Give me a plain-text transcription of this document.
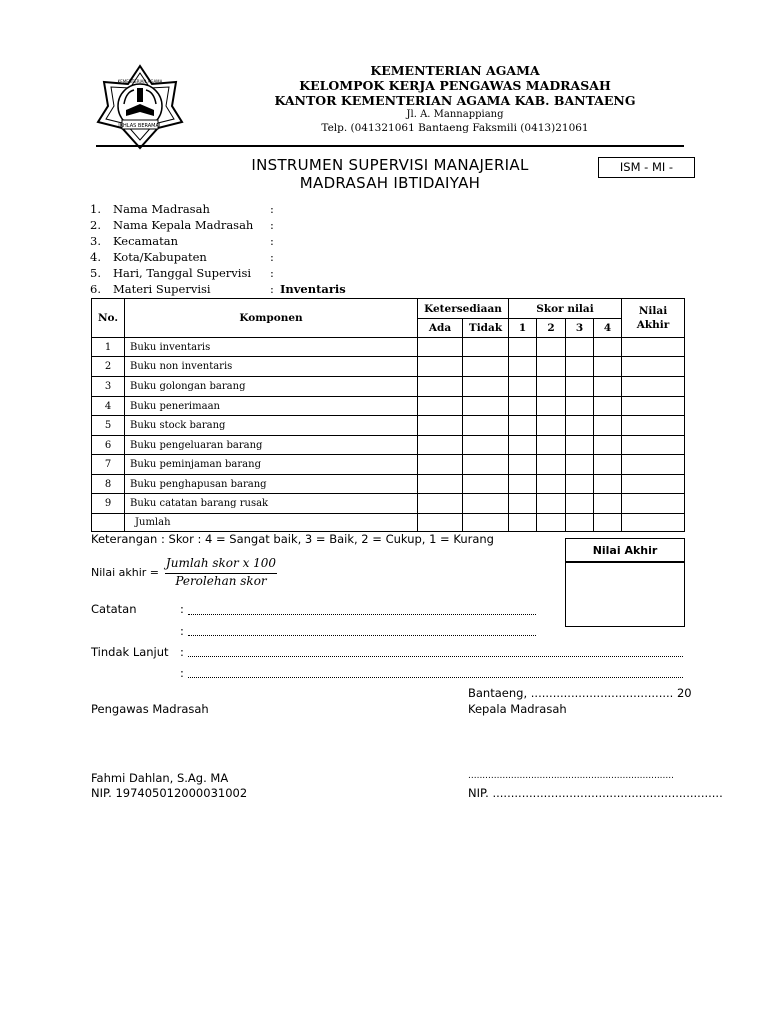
IKHLAS BERAMAL
KEMENTERIAN AGAMA
KEMENTERIAN AGAMA
KELOMPOK KERJA PENGAWAS MADRASAH
KANTOR KEMENTERIAN AGAMA KAB. BANTAENG
Jl. A. Mannappiang
Telp. (041321061 Bantaeng Faksmili (0413)21061
INSTRUMEN SUPERVISI MANAJERIAL
MADRASAH IBTIDAIYAH
ISM - MI -
1. Nama Madrasah	:
2. Nama Kepala Madrasah :
3. Kecamatan	:
4. Kota/Kabupaten	:
5. Hari, Tanggal Supervisi :
6. Materi Supervisi	: Inventaris
No.	Komponen	Ketersediaan		Skor nilai				Nilai Akhir
		Ada	Tidak	1	2	3	4	
1	Buku inventaris							
2	Buku non inventaris							
3	Buku golongan barang							
4	Buku penerimaan							
5	Buku stock barang							
6	Buku pengeluaran barang							
7	Buku peminjaman barang							
8	Buku penghapusan barang							
9	Buku catatan barang rusak							
	Jumlah							
Keterangan : Skor : 4 = Sangat baik, 3 = Baik, 2 = Cukup, 1 = Kurang
Nilai akhir =
Jumlah skor x 100
Perolehan skor
Nilai Akhir
Catatan	:
:
Tindak Lanjut :
:
Bantaeng, ....................................... 20
Pengawas Madrasah	Kepala Madrasah
Fahmi Dahlan, S.Ag. MA
NIP. 197405012000031002
........................................................................
NIP. ...............................................................
